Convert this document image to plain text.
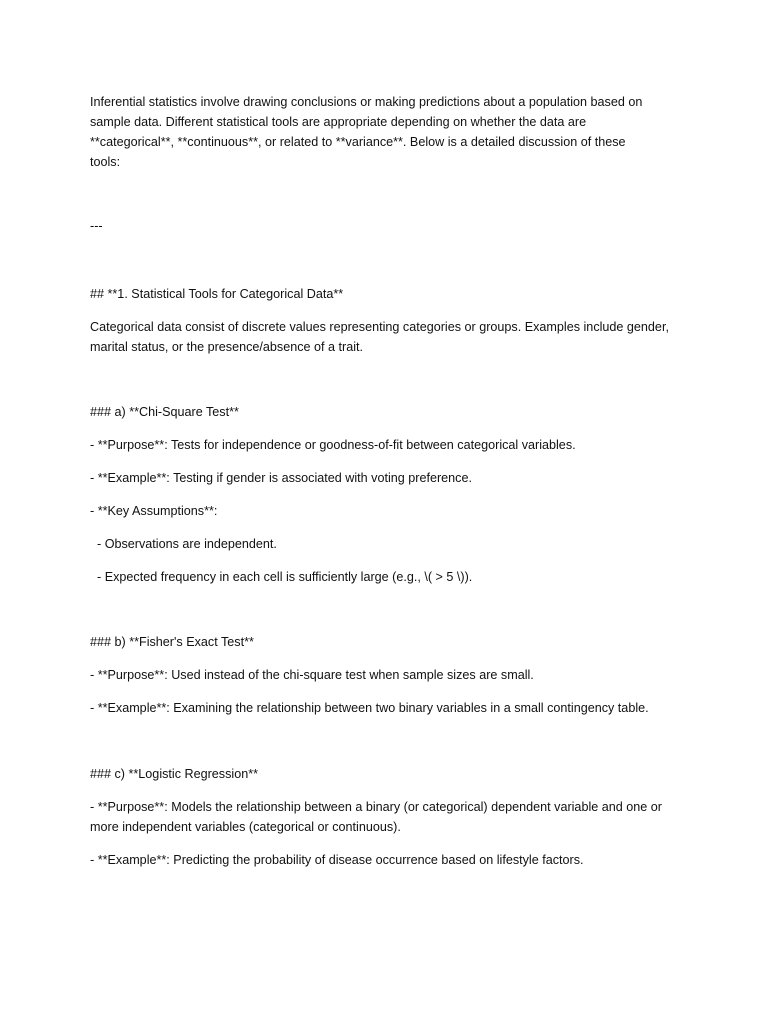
Inferential statistics involve drawing conclusions or making predictions about a population based on
sample data. Different statistical tools are appropriate depending on whether the data are
**categorical**, **continuous**, or related to **variance**. Below is a detailed discussion of these
tools:
---
## **1. Statistical Tools for Categorical Data**
Categorical data consist of discrete values representing categories or groups. Examples include gender,
marital status, or the presence/absence of a trait.
### a) **Chi-Square Test**
- **Purpose**: Tests for independence or goodness-of-fit between categorical variables.
- **Example**: Testing if gender is associated with voting preference.
- **Key Assumptions**:
- Observations are independent.
- Expected frequency in each cell is sufficiently large (e.g., \( > 5 \)).
### b) **Fisher's Exact Test**
- **Purpose**: Used instead of the chi-square test when sample sizes are small.
- **Example**: Examining the relationship between two binary variables in a small contingency table.
### c) **Logistic Regression**
- **Purpose**: Models the relationship between a binary (or categorical) dependent variable and one or
more independent variables (categorical or continuous).
- **Example**: Predicting the probability of disease occurrence based on lifestyle factors.
